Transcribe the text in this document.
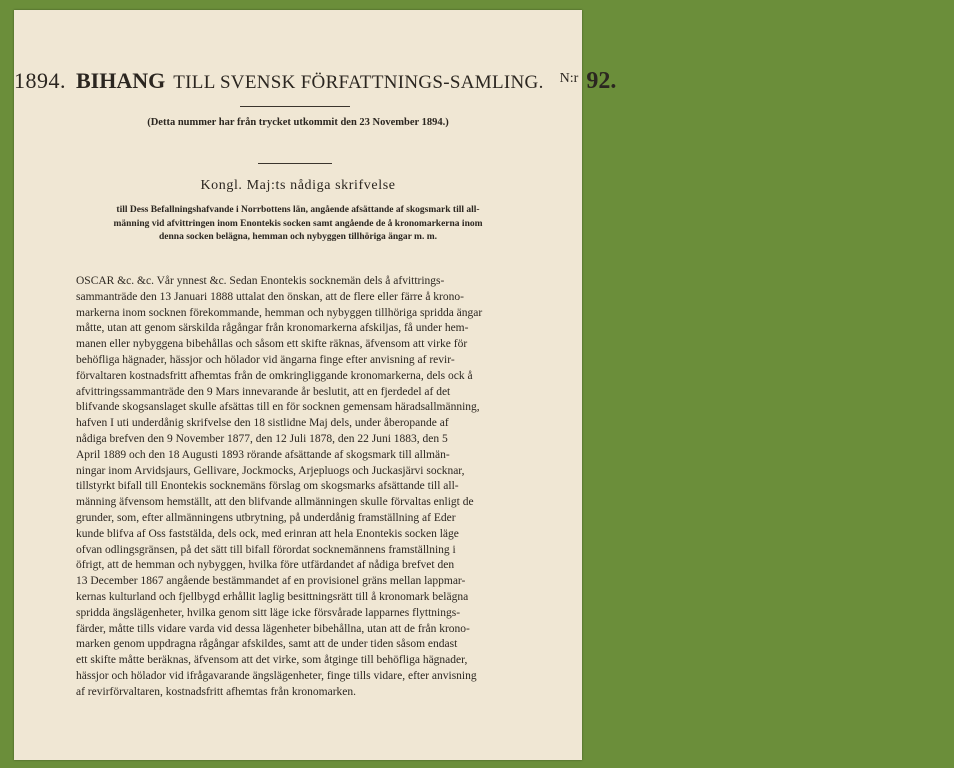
1894. BIHANG TILL SVENSK FÖRFATTNINGS-SAMLING. N:r 92.
(Detta nummer har från trycket utkommit den 23 November 1894.)
Kongl. Maj:ts nådiga skrifvelse
till Dess Befallningshafvande i Norrbottens län, angående afsättande af skogsmark till all-
männing vid afvittringen inom Enontekis socken samt angående de å kronomarkerna inom
denna socken belägna, hemman och nybyggen tillhöriga ängar m. m.
OSCAR &c. &c. Vår ynnest &c. Sedan Enontekis socknemän dels å afvittrings-
sammanträde den 13 Januari 1888 uttalat den önskan, att de flere eller färre å krono-
markerna inom socknen förekommande, hemman och nybyggen tillhöriga spridda ängar
måtte, utan att genom särskilda rågångar från kronomarkerna afskiljas, få under hem-
manen eller nybyggena bibehållas och såsom ett skifte räknas, äfvensom att virke för
behöfliga hägnader, hässjor och hölador vid ängarna finge efter anvisning af revir-
förvaltaren kostnadsfritt afhemtas från de omkringliggande kronomarkerna, dels ock å
afvittringssammanträde den 9 Mars innevarande år beslutit, att en fjerdedel af det
blifvande skogsanslaget skulle afsättas till en för socknen gemensam häradsallmänning,
hafven I uti underdånig skrifvelse den 18 sistlidne Maj dels, under åberopande af
nådiga brefven den 9 November 1877, den 12 Juli 1878, den 22 Juni 1883, den 5
April 1889 och den 18 Augusti 1893 rörande afsättande af skogsmark till allmän-
ningar inom Arvidsjaurs, Gellivare, Jockmocks, Arjepluogs och Juckasjärvi socknar,
tillstyrkt bifall till Enontekis socknemäns förslag om skogsmarks afsättande till all-
männing äfvensom hemställt, att den blifvande allmänningen skulle förvaltas enligt de
grunder, som, efter allmänningens utbrytning, på underdånig framställning af Eder
kunde blifva af Oss faststälda, dels ock, med erinran att hela Enontekis socken läge
ofvan odlingsgränsen, på det sätt till bifall förordat socknemännens framställning i
öfrigt, att de hemman och nybyggen, hvilka före utfärdandet af nådiga brefvet den
13 December 1867 angående bestämmandet af en provisionel gräns mellan lappmar-
kernas kulturland och fjellbygd erhållit laglig besittningsrätt till å kronomark belägna
spridda ängslägenheter, hvilka genom sitt läge icke försvårade lapparnes flyttnings-
färder, måtte tills vidare varda vid dessa lägenheter bibehållna, utan att de från krono-
marken genom uppdragna rågångar afskildes, samt att de under tiden såsom endast
ett skifte måtte beräknas, äfvensom att det virke, som åtginge till behöfliga hägnader,
hässjor och hölador vid ifrågavarande ängslägenheter, finge tills vidare, efter anvisning
af revirförvaltaren, kostnadsfritt afhemtas från kronomarken.
